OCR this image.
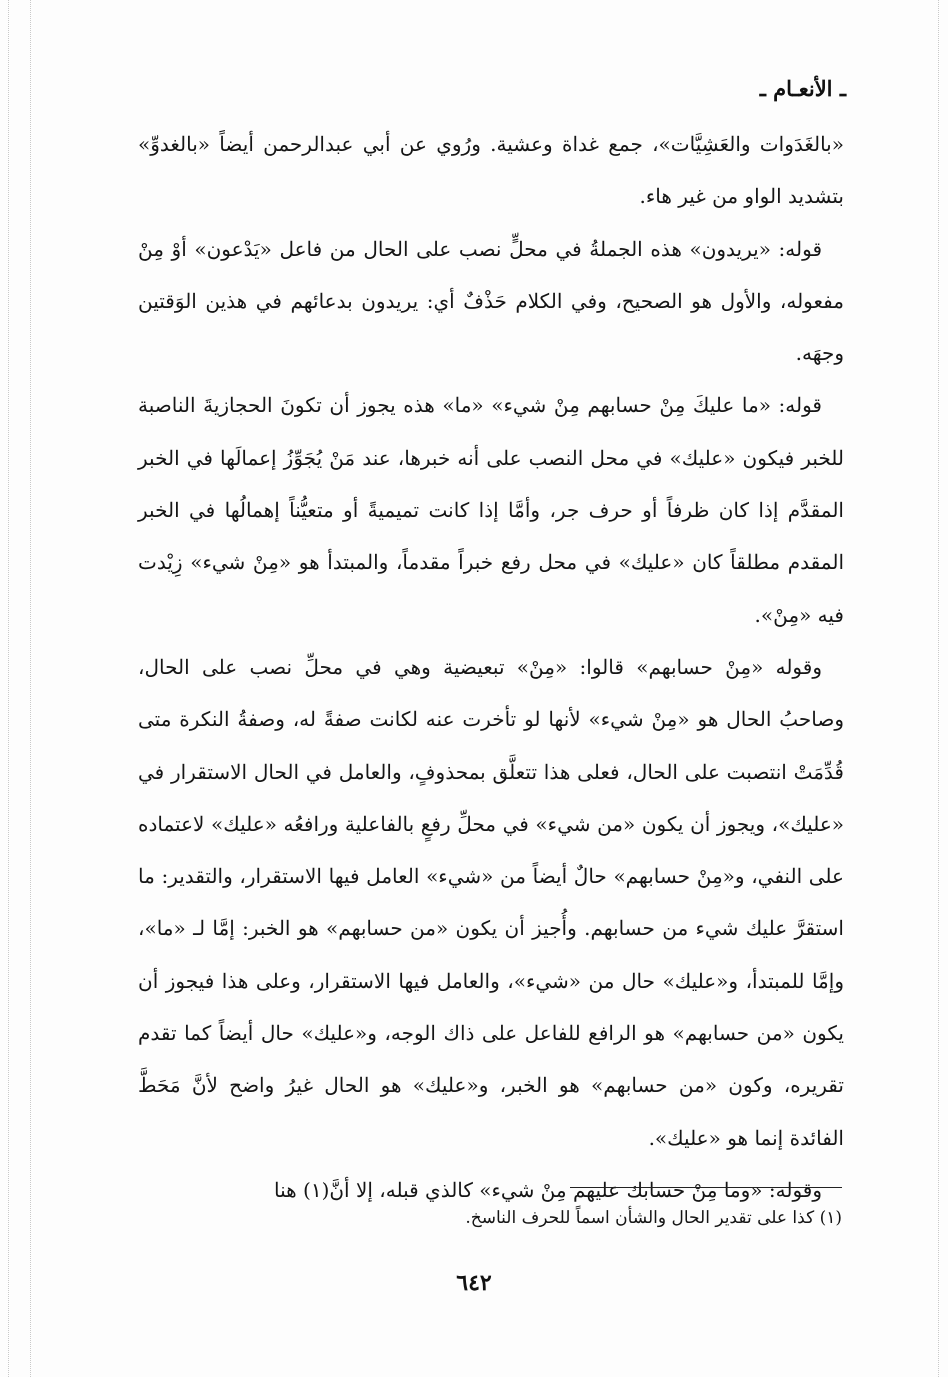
ـ الأنعـام ـ

«بالغَدَوات والعَشِيَّات»، جمع غداة وعشية. ورُوي عن أبي عبدالرحمن أيضاً «بالغدوِّ» بتشديد الواو من غير هاء.

قوله: «يريدون» هذه الجملةُ في محلٍّ نصب على الحال من فاعل «يَدْعون» أوْ مِنْ مفعوله، والأول هو الصحيح، وفي الكلام حَذْفٌ أي: يريدون بدعائهم في هذين الوَقتين وجهَه.

قوله: «ما عليكَ مِنْ حسابهم مِنْ شيء» «ما» هذه يجوز أن تكونَ الحجازيةَ الناصبة للخبر فيكون «عليك» في محل النصب على أنه خبرها، عند مَنْ يُجَوِّزُ إعمالَها في الخبر المقدَّم إذا كان ظرفاً أو حرف جر، وأمَّا إذا كانت تميميةً أو متعيُّناً إهمالُها في الخبر المقدم مطلقاً كان «عليك» في محل رفع خبراً مقدماً، والمبتدأ هو «مِنْ شيء» زِيْدت فيه «مِنْ».

وقوله «مِنْ حسابهم» قالوا: «مِنْ» تبعيضية وهي في محلِّ نصب على الحال، وصاحبُ الحال هو «مِنْ شيء» لأنها لو تأخرت عنه لكانت صفةً له، وصفةُ النكرة متى قُدِّمَتْ انتصبت على الحال، فعلى هذا تتعلَّق بمحذوفٍ، والعامل في الحال الاستقرار في «عليك»، ويجوز أن يكون «من شيء» في محلِّ رفعٍ بالفاعلية ورافعُه «عليك» لاعتماده على النفي، و«مِنْ حسابهم» حالٌ أيضاً من «شيء» العامل فيها الاستقرار، والتقدير: ما استقرَّ عليك شيء من حسابهم. وأُجيز أن يكون «من حسابهم» هو الخبر: إمَّا لـ «ما»، وإمَّا للمبتدأ، و«عليك» حال من «شيء»، والعامل فيها الاستقرار، وعلى هذا فيجوز أن يكون «من حسابهم» هو الرافع للفاعل على ذاك الوجه، و«عليك» حال أيضاً كما تقدم تقريره، وكون «من حسابهم» هو الخبر، و«عليك» هو الحال غيرُ واضح لأنَّ مَحَطَّ الفائدة إنما هو «عليك».

وقوله: «وما مِنْ حسابك عليهم مِنْ شيء» كالذي قبله، إلا أنَّ(١) هنا

(١) كذا على تقدير الحال والشأن اسماً للحرف الناسخ.
٦٤٢
